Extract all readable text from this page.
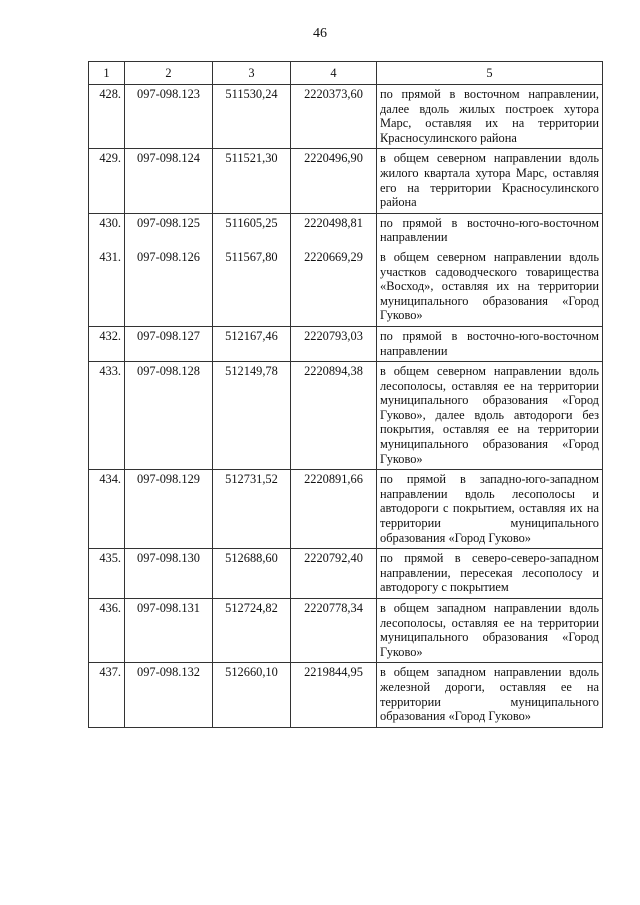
46
1	2	3	4	5
428.	097-098.123	511530,24	2220373,60	по прямой в восточном направлении, далее вдоль жилых построек хутора Марс, оставляя их на территории Красносулинского района
429.	097-098.124	511521,30	2220496,90	в общем северном направлении вдоль жилого квартала хутора Марс, оставляя его на территории Красносулинского района
430.	097-098.125	511605,25	2220498,81	по прямой в восточно-юго-восточном направлении
431.	097-098.126	511567,80	2220669,29	в общем северном направлении вдоль участков садоводческого товарищества «Восход», оставляя их на территории муниципального образования «Город Гуково»
432.	097-098.127	512167,46	2220793,03	по прямой в восточно-юго-восточном направлении
433.	097-098.128	512149,78	2220894,38	в общем северном направлении вдоль лесополосы, оставляя ее на территории муниципального образования «Город Гуково», далее вдоль автодороги без покрытия, оставляя ее на территории муниципального образования «Город Гуково»
434.	097-098.129	512731,52	2220891,66	по прямой в западно-юго-западном направлении вдоль лесополосы и автодороги с покрытием, оставляя их на территории муниципального образования «Город Гуково»
435.	097-098.130	512688,60	2220792,40	по прямой в северо-северо-западном направлении, пересекая лесополосу и автодорогу с покрытием
436.	097-098.131	512724,82	2220778,34	в общем западном направлении вдоль лесополосы, оставляя ее на территории муниципального образования «Город Гуково»
437.	097-098.132	512660,10	2219844,95	в общем западном направлении вдоль железной дороги, оставляя ее на территории муниципального образования «Город Гуково»
